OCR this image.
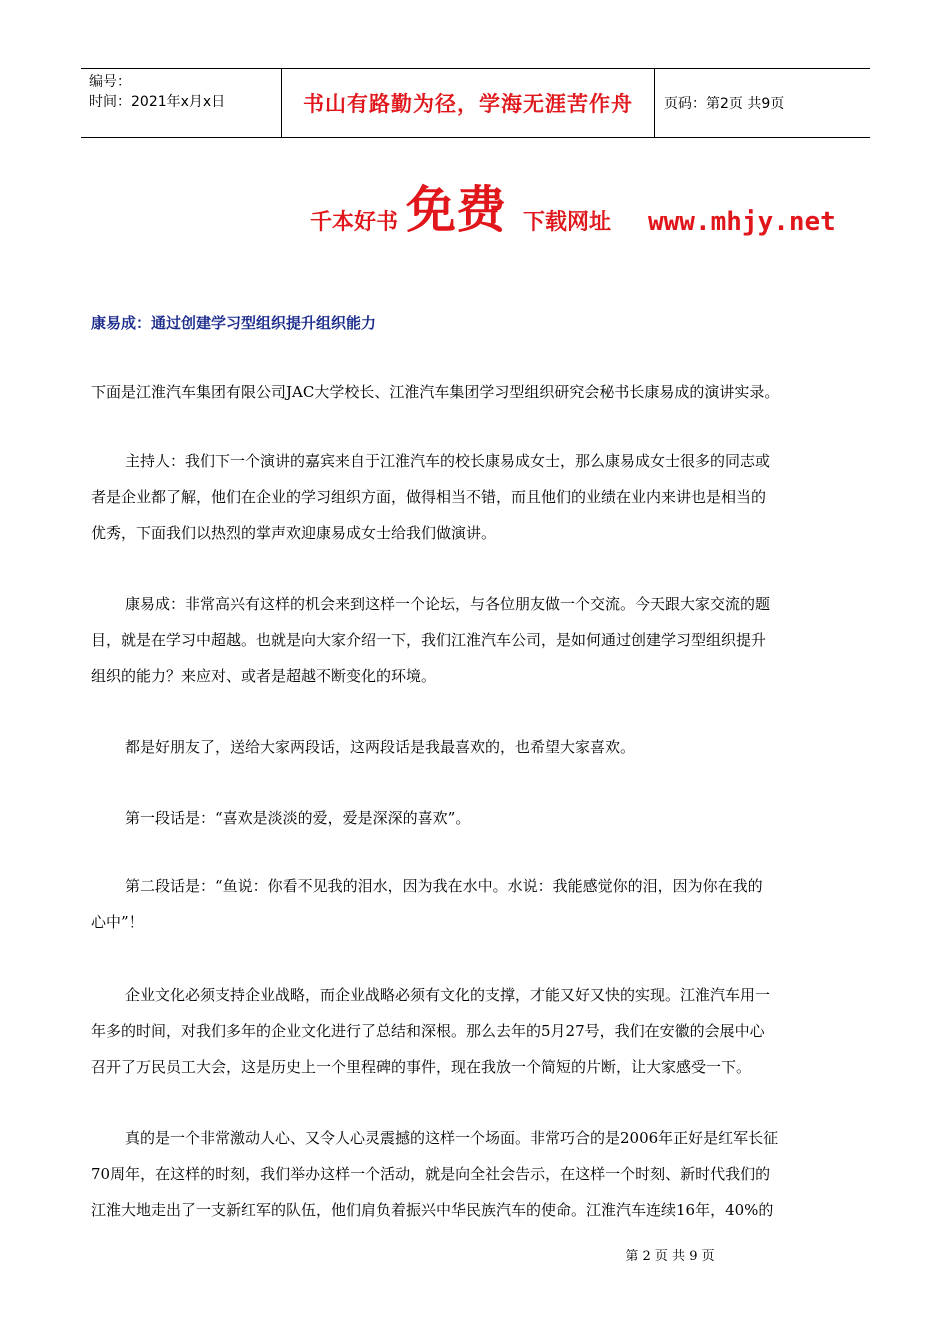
编号：
时间：2021年x月x日	书山有路勤为径，学海无涯苦作舟	页码：第2页 共9页
千本好书 免费 下载网址 www.mhjy.net
康易成：通过创建学习型组织提升组织能力
下面是江淮汽车集团有限公司JAC大学校长、江淮汽车集团学习型组织研究会秘书长康易成的演讲实录。
主持人：我们下一个演讲的嘉宾来自于江淮汽车的校长康易成女士，那么康易成女士很多的同志或
者是企业都了解，他们在企业的学习组织方面，做得相当不错，而且他们的业绩在业内来讲也是相当的
优秀，下面我们以热烈的掌声欢迎康易成女士给我们做演讲。
康易成：非常高兴有这样的机会来到这样一个论坛，与各位朋友做一个交流。今天跟大家交流的题
目，就是在学习中超越。也就是向大家介绍一下，我们江淮汽车公司，是如何通过创建学习型组织提升
组织的能力？来应对、或者是超越不断变化的环境。
都是好朋友了，送给大家两段话，这两段话是我最喜欢的，也希望大家喜欢。
第一段话是：“喜欢是淡淡的爱，爱是深深的喜欢”。
第二段话是：“鱼说：你看不见我的泪水，因为我在水中。水说：我能感觉你的泪，因为你在我的
心中”！
企业文化必须支持企业战略，而企业战略必须有文化的支撑，才能又好又快的实现。江淮汽车用一
年多的时间，对我们多年的企业文化进行了总结和深根。那么去年的5月27号，我们在安徽的会展中心
召开了万民员工大会，这是历史上一个里程碑的事件，现在我放一个简短的片断，让大家感受一下。
真的是一个非常激动人心、又令人心灵震撼的这样一个场面。非常巧合的是2006年正好是红军长征
70周年，在这样的时刻，我们举办这样一个活动，就是向全社会告示，在这样一个时刻、新时代我们的
江淮大地走出了一支新红军的队伍，他们肩负着振兴中华民族汽车的使命。江淮汽车连续16年，40%的
第 2 页 共 9 页
